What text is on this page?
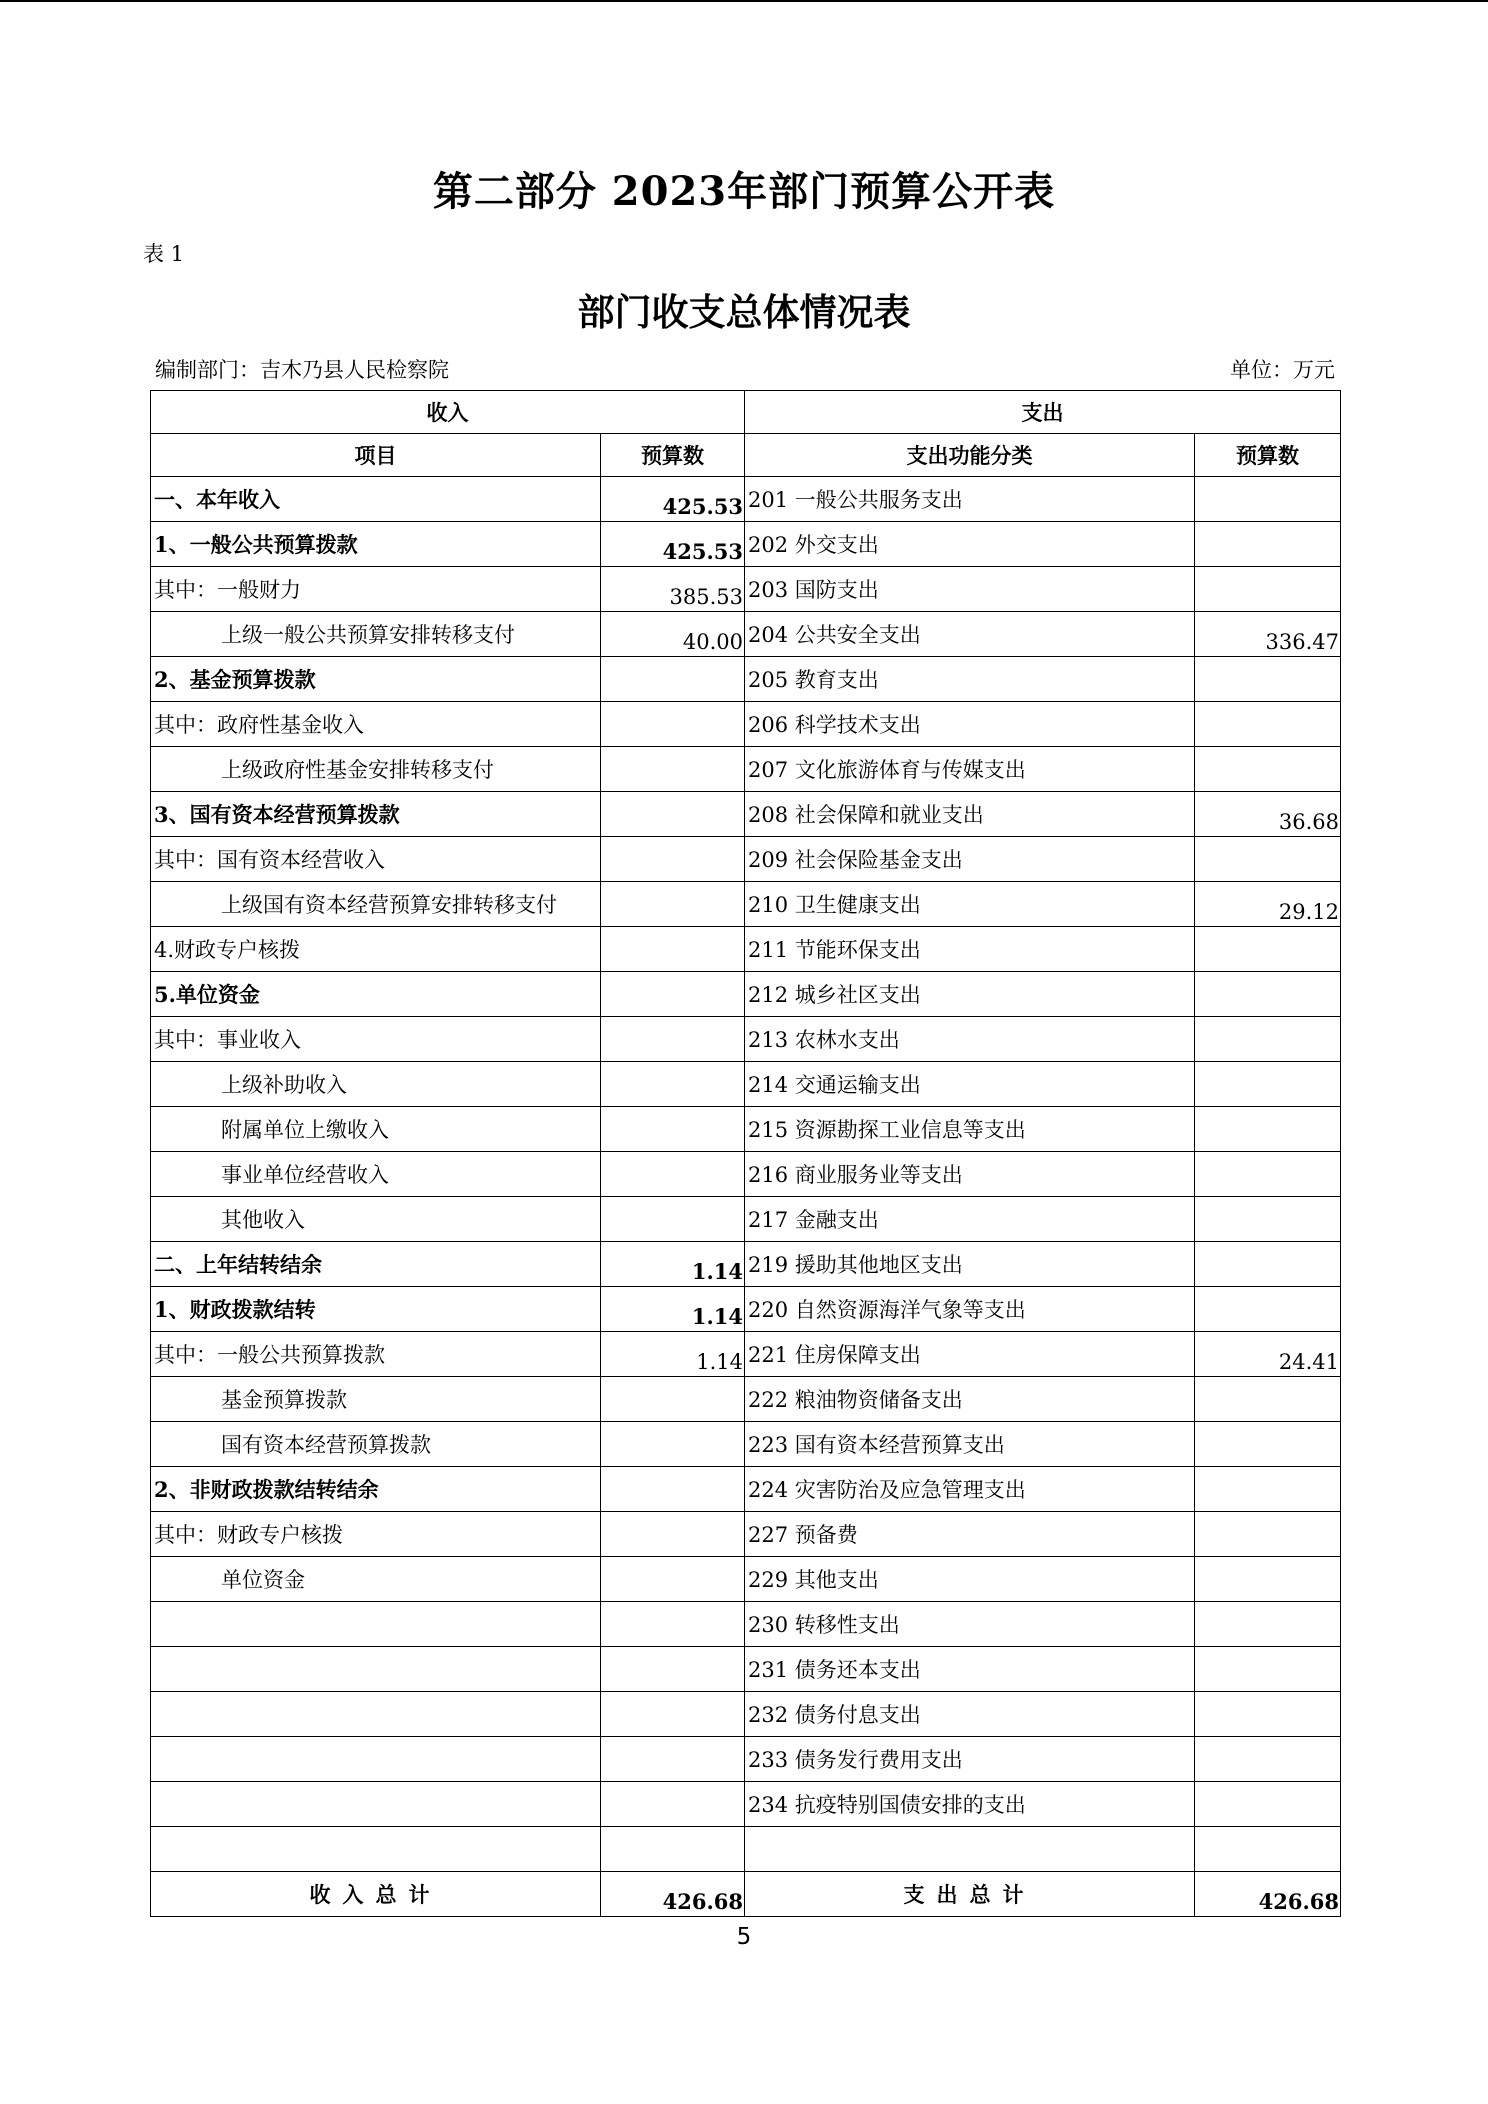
第二部分 2023年部门预算公开表
表 1
部门收支总体情况表
编制部门：吉木乃县人民检察院	单位：万元
收入		支出	
项目	预算数	支出功能分类	预算数
一、本年收入	425.53	201 一般公共服务支出	
1、一般公共预算拨款	425.53	202 外交支出	
其中：一般财力	385.53	203 国防支出	
上级一般公共预算安排转移支付	40.00	204 公共安全支出	336.47
2、基金预算拨款		205 教育支出	
其中：政府性基金收入		206 科学技术支出	
上级政府性基金安排转移支付		207 文化旅游体育与传媒支出	
3、国有资本经营预算拨款		208 社会保障和就业支出	36.68
其中：国有资本经营收入		209 社会保险基金支出	
上级国有资本经营预算安排转移支付		210 卫生健康支出	29.12
4.财政专户核拨		211 节能环保支出	
5.单位资金		212 城乡社区支出	
其中：事业收入		213 农林水支出	
上级补助收入		214 交通运输支出	
附属单位上缴收入		215 资源勘探工业信息等支出	
事业单位经营收入		216 商业服务业等支出	
其他收入		217 金融支出	
二、上年结转结余	1.14	219 援助其他地区支出	
1、财政拨款结转	1.14	220 自然资源海洋气象等支出	
其中：一般公共预算拨款	1.14	221 住房保障支出	24.41
基金预算拨款		222 粮油物资储备支出	
国有资本经营预算拨款		223 国有资本经营预算支出	
2、非财政拨款结转结余		224 灾害防治及应急管理支出	
其中：财政专户核拨		227 预备费	
单位资金		229 其他支出	
		230 转移性支出	
		231 债务还本支出	
		232 债务付息支出	
		233 债务发行费用支出	
		234 抗疫特别国债安排的支出	

收入总计	426.68	支出总计	426.68
5
